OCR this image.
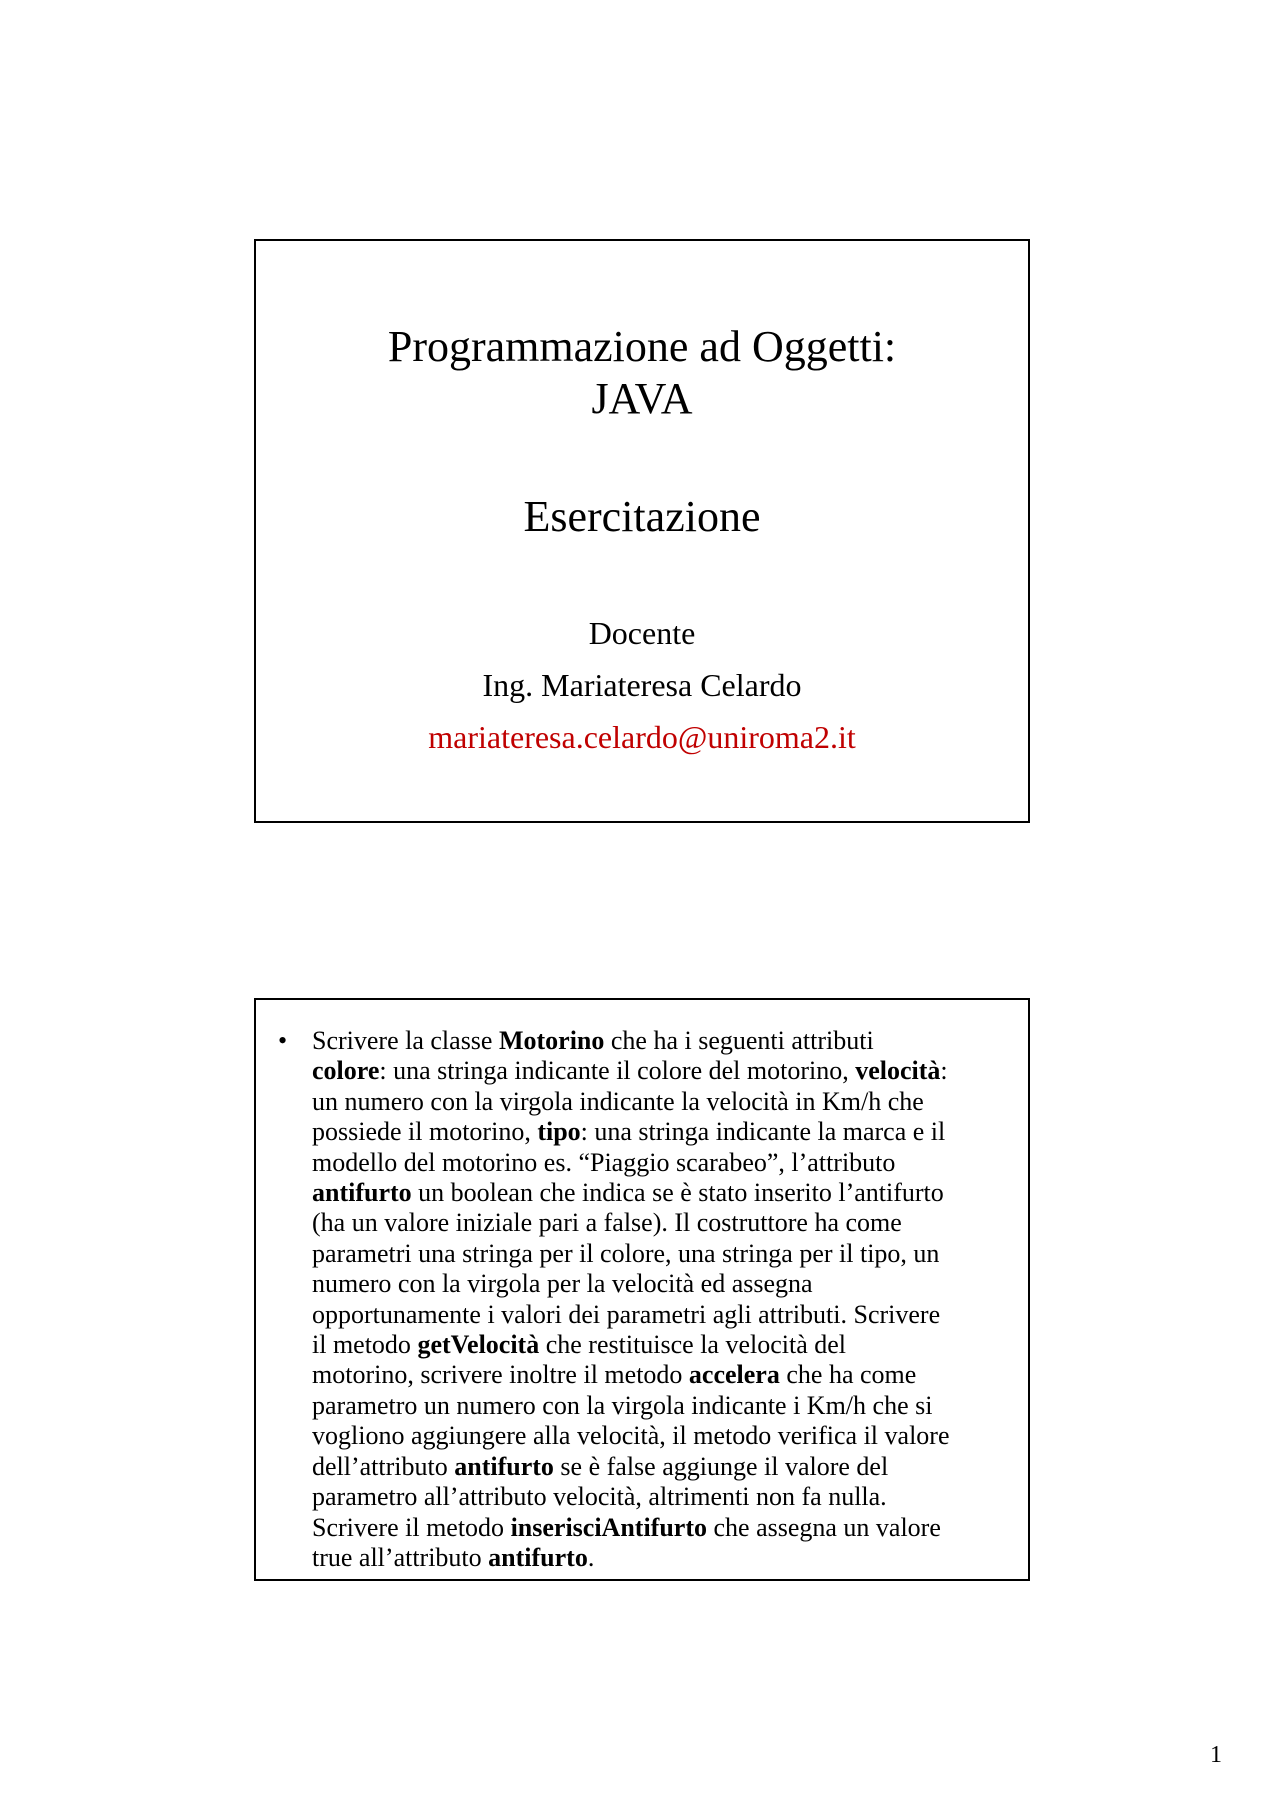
Programmazione ad Oggetti:

JAVA

Esercitazione
Docente
Ing. Mariateresa Celardo
mariateresa.celardo@uniroma2.it
• Scrivere la classe Motorino che ha i seguenti attributi
colore: una stringa indicante il colore del motorino, velocità:
un numero con la virgola indicante la velocità in Km/h che
possiede il motorino, tipo: una stringa indicante la marca e il
modello del motorino es. “Piaggio scarabeo”, l’attributo
antifurto un boolean che indica se è stato inserito l’antifurto
(ha un valore iniziale pari a false). Il costruttore ha come
parametri una stringa per il colore, una stringa per il tipo, un
numero con la virgola per la velocità ed assegna
opportunamente i valori dei parametri agli attributi. Scrivere
il metodo getVelocità che restituisce la velocità del
motorino, scrivere inoltre il metodo accelera che ha come
parametro un numero con la virgola indicante i Km/h che si
vogliono aggiungere alla velocità, il metodo verifica il valore
dell’attributo antifurto se è false aggiunge il valore del
parametro all’attributo velocità, altrimenti non fa nulla.
Scrivere il metodo inserisciAntifurto che assegna un valore
true all’attributo antifurto.
1
